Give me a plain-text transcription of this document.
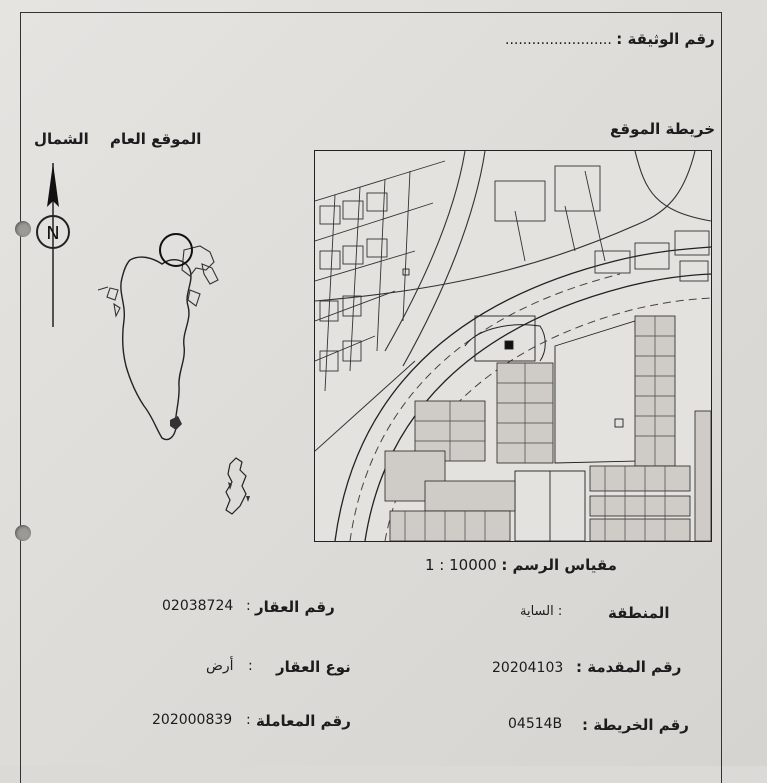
رقم الوثيقة : ........................
الموقع العام
الشمال
N
خريطة الموقع
مقياس الرسم : 1 : 10000
رقم العقار
:
02038724
نوع العقار
:
أرض
رقم المعاملة
:
202000839
المنطقة
: الساية
رقم المقدمة :
20204103
رقم الخريطة :
04514B
